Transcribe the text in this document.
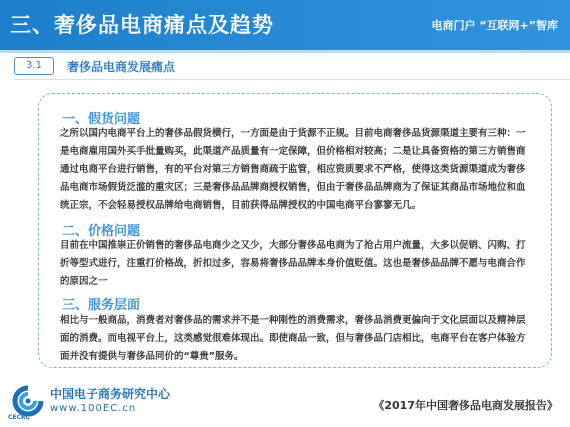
三、奢侈品电商痛点及趋势	电商门户 “互联网+”智库
3.1	奢侈品电商发展痛点
一、假货问题
之所以国内电商平台上的奢侈品假货横行，一方面是由于货源不正规。目前电商奢侈品货源渠道主要有三种：一是电商雇用国外买手批量购买，此渠道产品质量有一定保障，但价格相对较高；二是让具备资格的第三方销售商通过电商平台进行销售，有的平台对第三方销售商疏于监管，相应资质要求不严格，使得这类货源渠道成为奢侈品电商市场假货泛滥的重灾区；三是奢侈品品牌商授权销售，但由于奢侈品品牌商为了保证其商品市场地位和血统正宗，不会轻易授权品牌给电商销售，目前获得品牌授权的中国电商平台寥寥无几。
二、价格问题
目前在中国推崇正价销售的奢侈品电商少之又少，大部分奢侈品电商为了抢占用户流量，大多以促销、闪购、打折等型式进行，注重打价格战，折扣过多，容易将奢侈品品牌本身价值贬值。这也是奢侈品品牌不愿与电商合作的原因之一
三、服务层面
相比与一般商品，消费者对奢侈品的需求并不是一种刚性的消费需求，奢侈品消费更偏向于文化层面以及精神层面的消费。而电视平台上，这类感觉很难体现出。即使商品一致，但与奢侈品门店相比，电商平台在客户体验方面并没有提供与奢侈品同价的“尊贵”服务。
中国电子商务研究中心
www.100EC.cn
CECRC
《2017年中国奢侈品电商发展报告》
